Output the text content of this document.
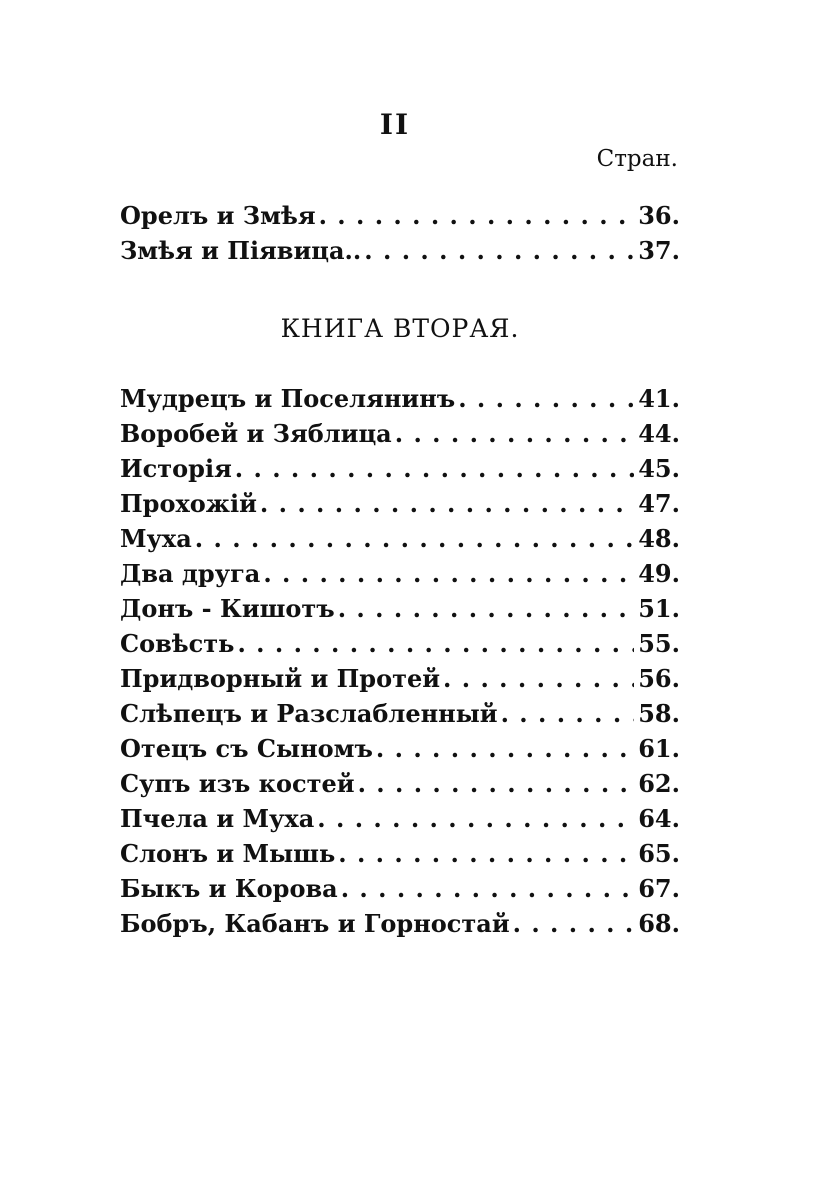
II
Стран.
Орелъ и Змѣя . . .	36.
Змѣя и Піявица.. . . .	37.
КНИГА ВТОРАЯ.
Мудрецъ и Поселянинъ . . .	41.
Воробей и Зяблица . . .	44.
Исторія . . .	45.
Прохожій . . .	47.
Муха . . .	48.
Два друга . . .	49.
Донъ - Кишотъ . . .	51.
Совѣсть . . .	55.
Придворный и Протей . . .	56.
Слѣпецъ и Разслабленный . . .	58.
Отецъ съ Сыномъ . . .	61.
Супъ изъ костей . . .	62.
Пчела и Муха . . .	64.
Слонъ и Мышь . . .	65.
Быкъ и Корова . . .	67.
Бобръ, Кабанъ и Горностай . . .	68.
